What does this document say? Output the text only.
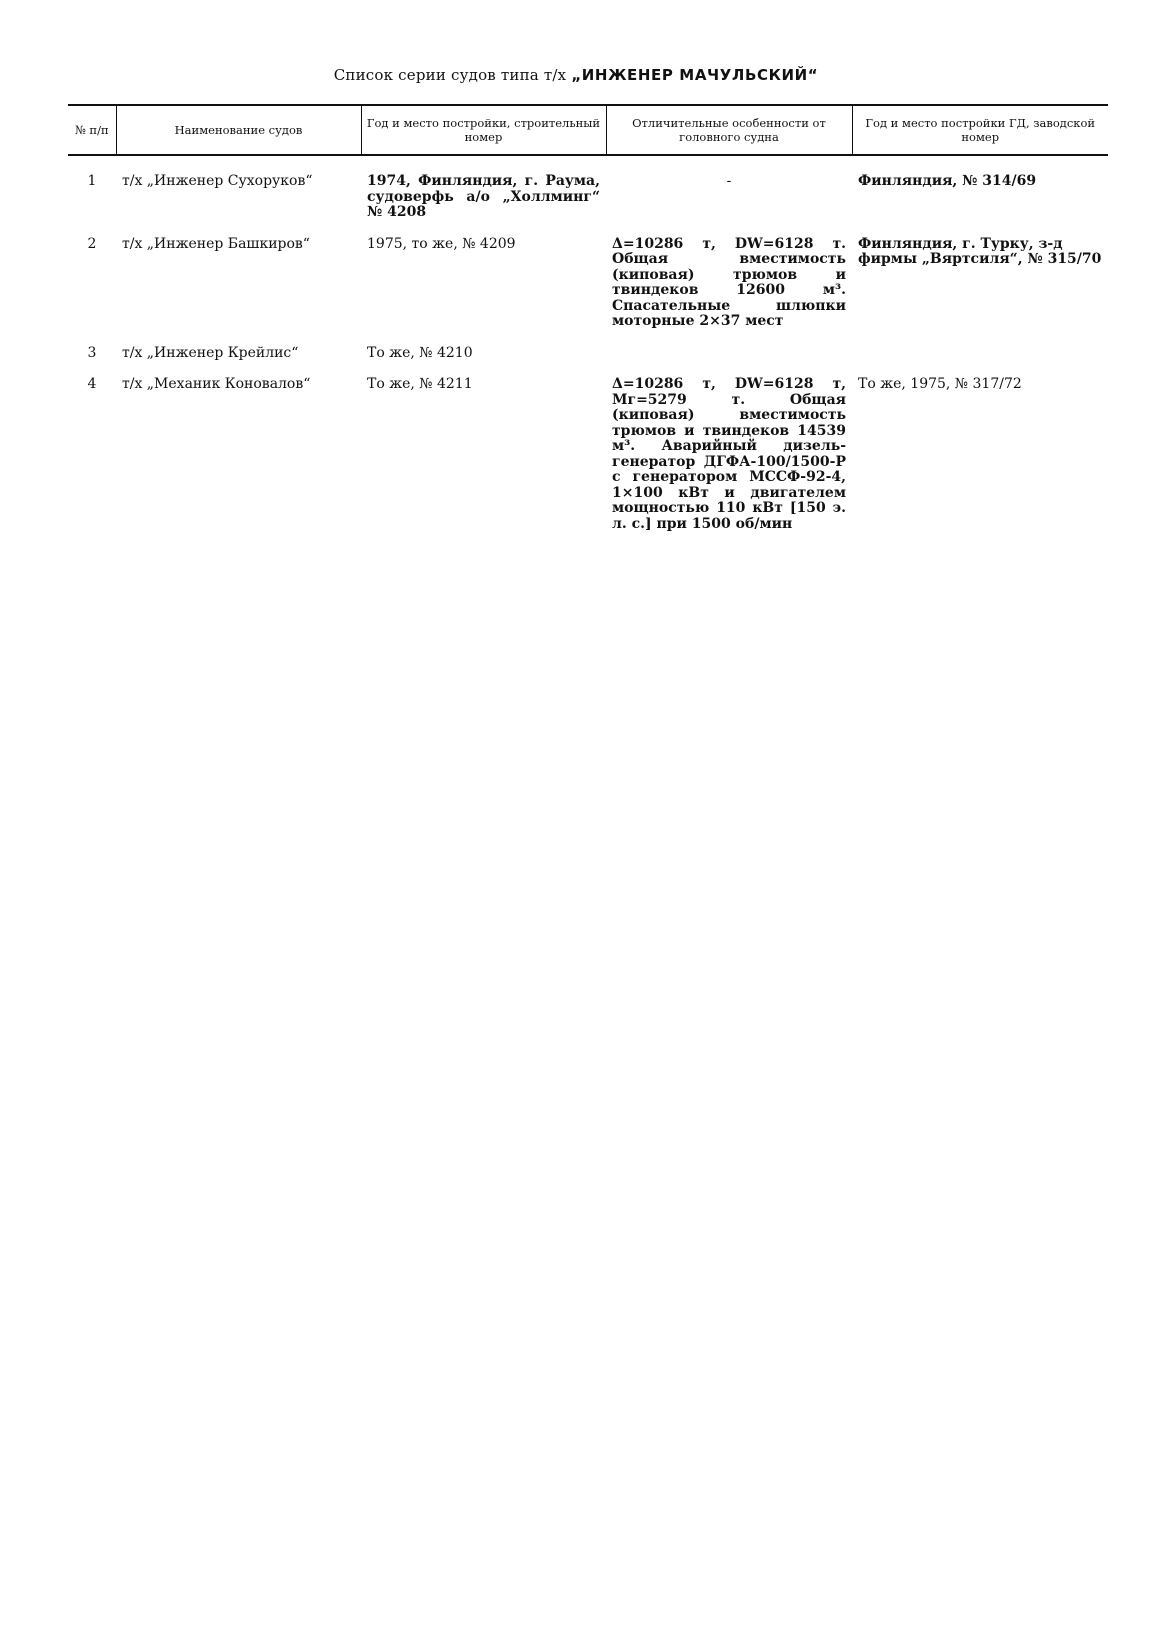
Список серии судов типа т/х „ИНЖЕНЕР МАЧУЛЬСКИЙ“
№ п/п	Наименование судов	Год и место постройки, строительный номер	Отличительные особенности от головного судна	Год и место постройки ГД, заводской номер
1	т/х „Инженер Сухоруков“	1974, Финляндия, г. Раума, судоверфь а/о „Холлминг“ № 4208	-	Финляндия, № 314/69
2	т/х „Инженер Башкиров“	1975, то же, № 4209	Δ=10286 т, DW=6128 т. Общая вместимость (киповая) трюмов и твиндеков 12600 м³. Спасательные шлюпки моторные 2×37 мест	Финляндия, г. Турку, з-д фирмы „Вяртсиля“, № 315/70
3	т/х „Инженер Крейлис“	То же, № 4210		
4	т/х „Механик Коновалов“	То же, № 4211	Δ=10286 т, DW=6128 т, Mг=5279 т. Общая (киповая) вместимость трюмов и твиндеков 14539 м³. Аварийный дизель-генератор ДГФА-100/1500-Р с генератором МССФ-92-4, 1×100 кВт и двигателем мощностью 110 кВт [150 э. л. с.] при 1500 об/мин	То же, 1975, № 317/72
